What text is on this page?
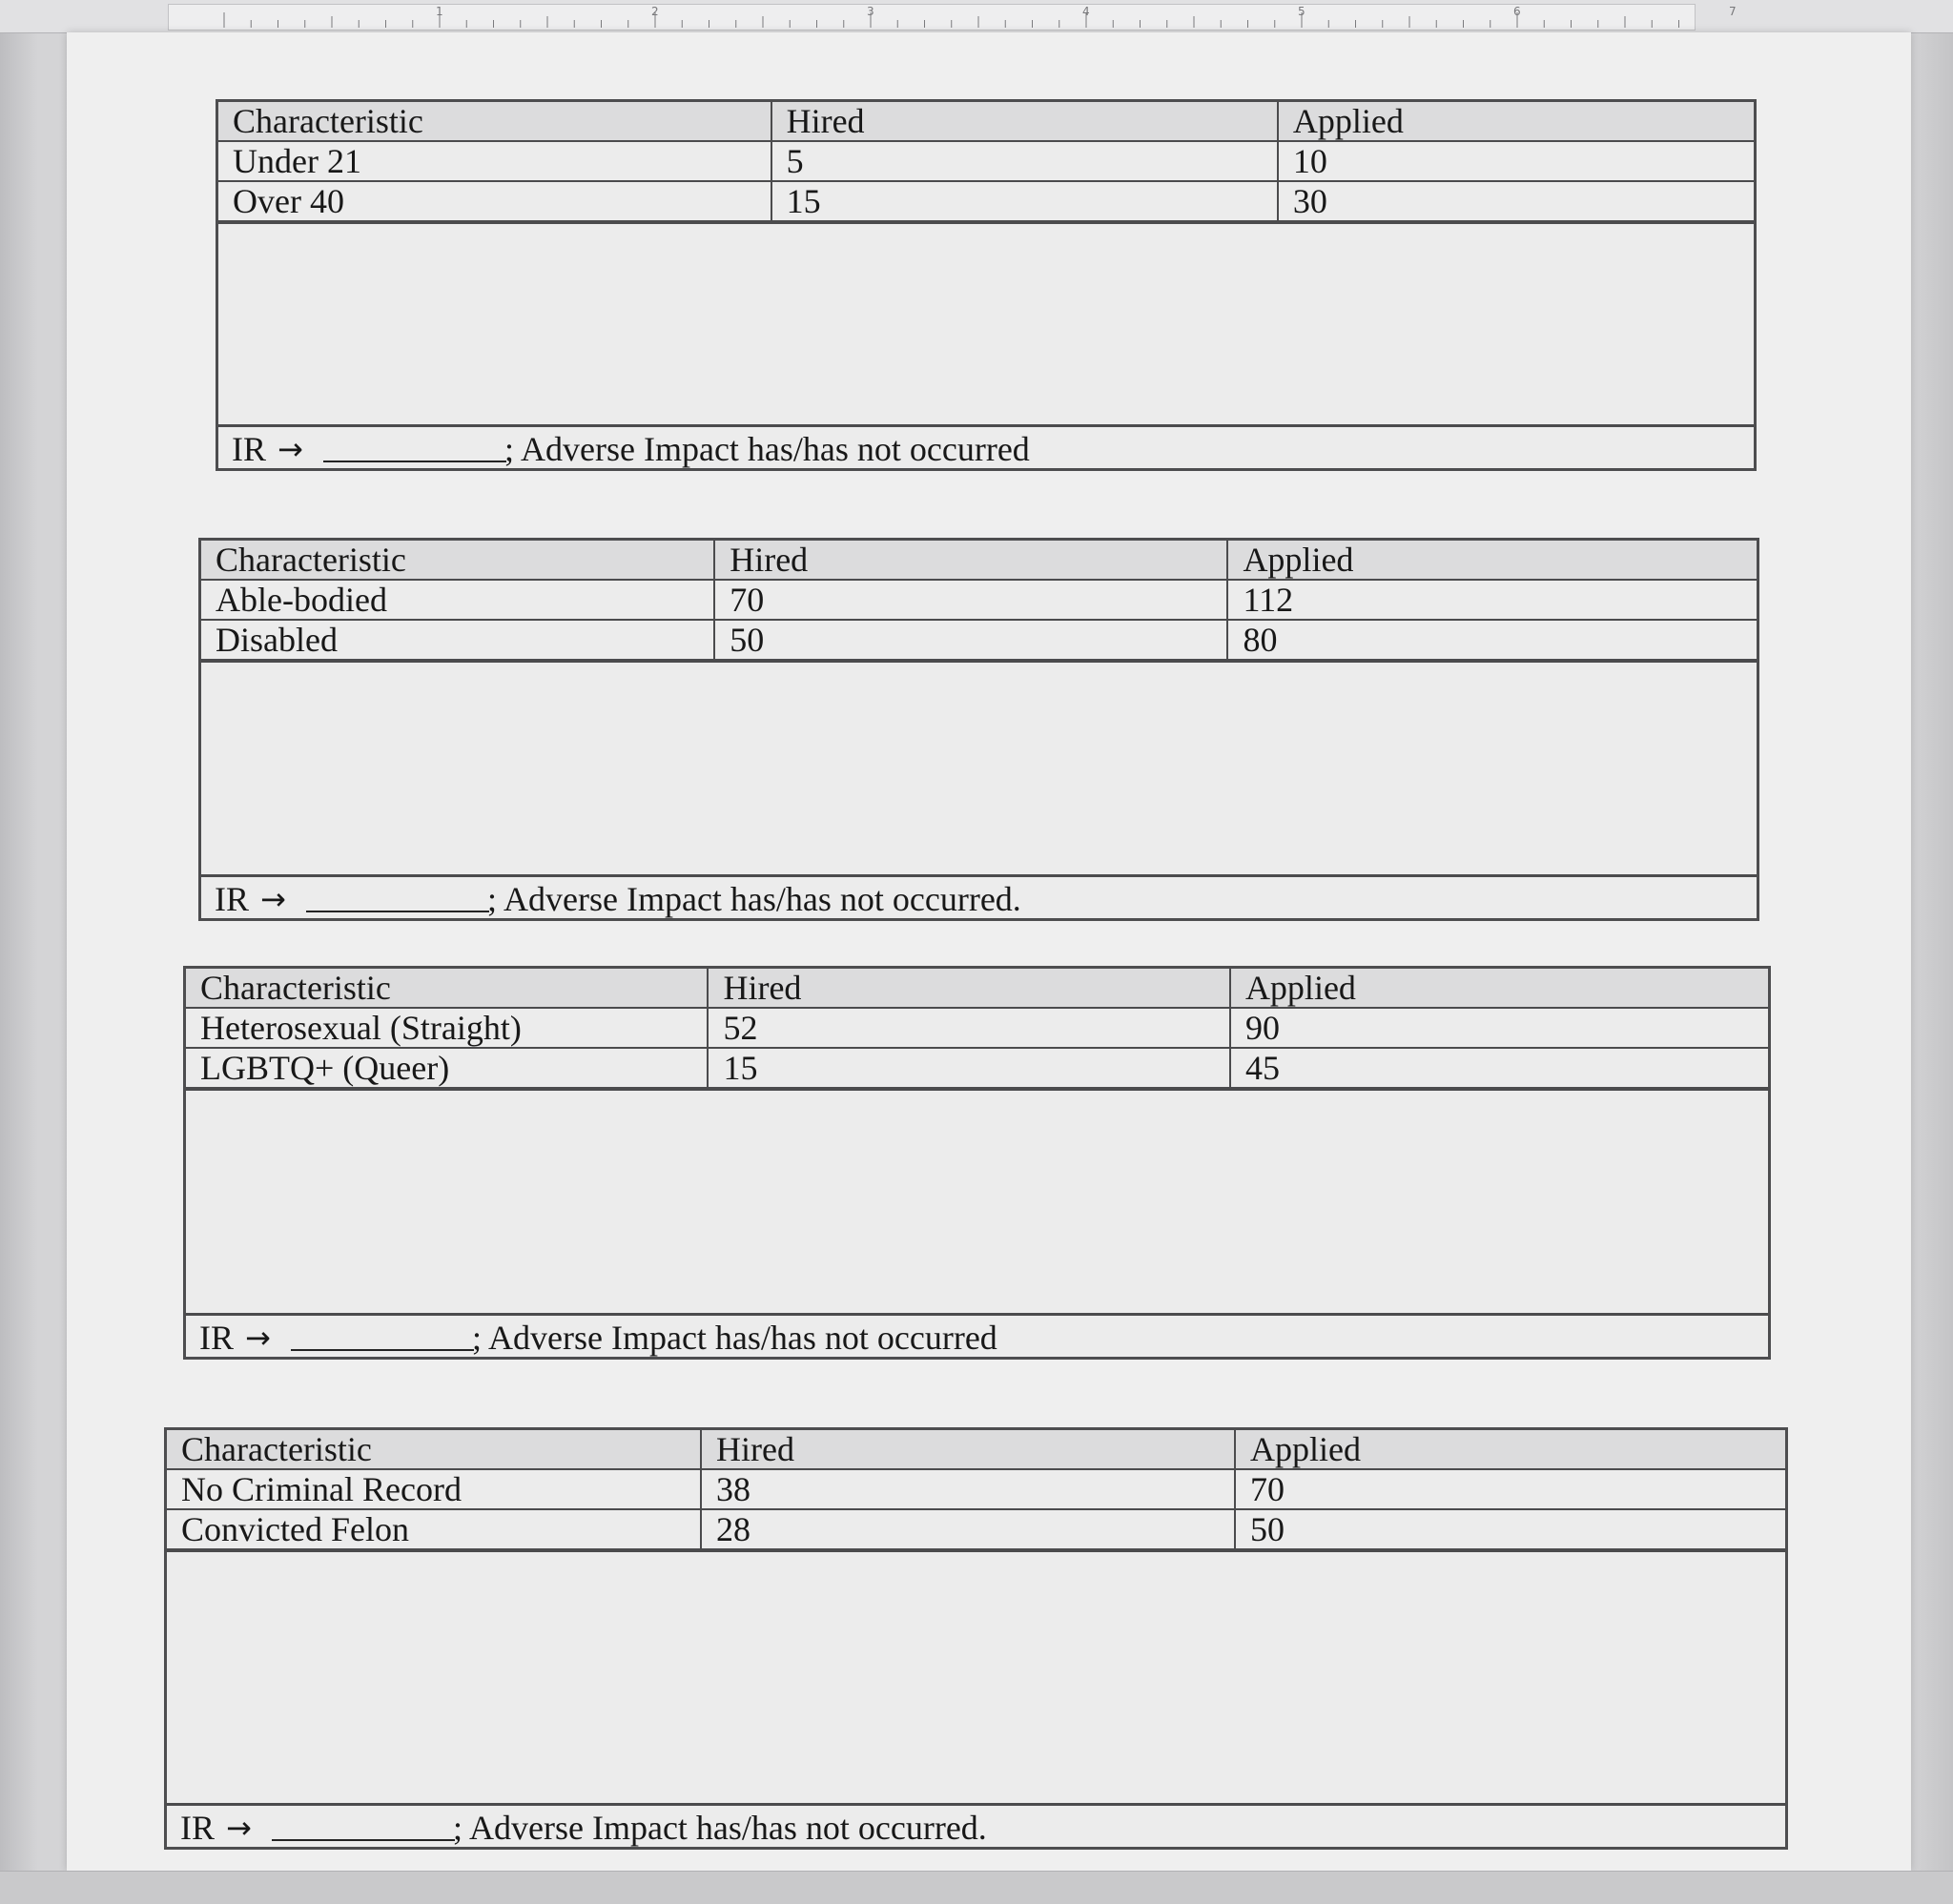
1	2	3	4	5	6	7
Characteristic	Hired	Applied
Under 21	5	10
Over 40	15	30
IR →	; Adverse Impact has/has not occurred
Characteristic	Hired	Applied
Able-bodied	70	112
Disabled	50	80
IR →	; Adverse Impact has/has not occurred.
Characteristic	Hired	Applied
Heterosexual (Straight)	52	90
LGBTQ+ (Queer)	15	45
IR →	; Adverse Impact has/has not occurred
Characteristic	Hired	Applied
No Criminal Record	38	70
Convicted Felon	28	50
IR →	; Adverse Impact has/has not occurred.
